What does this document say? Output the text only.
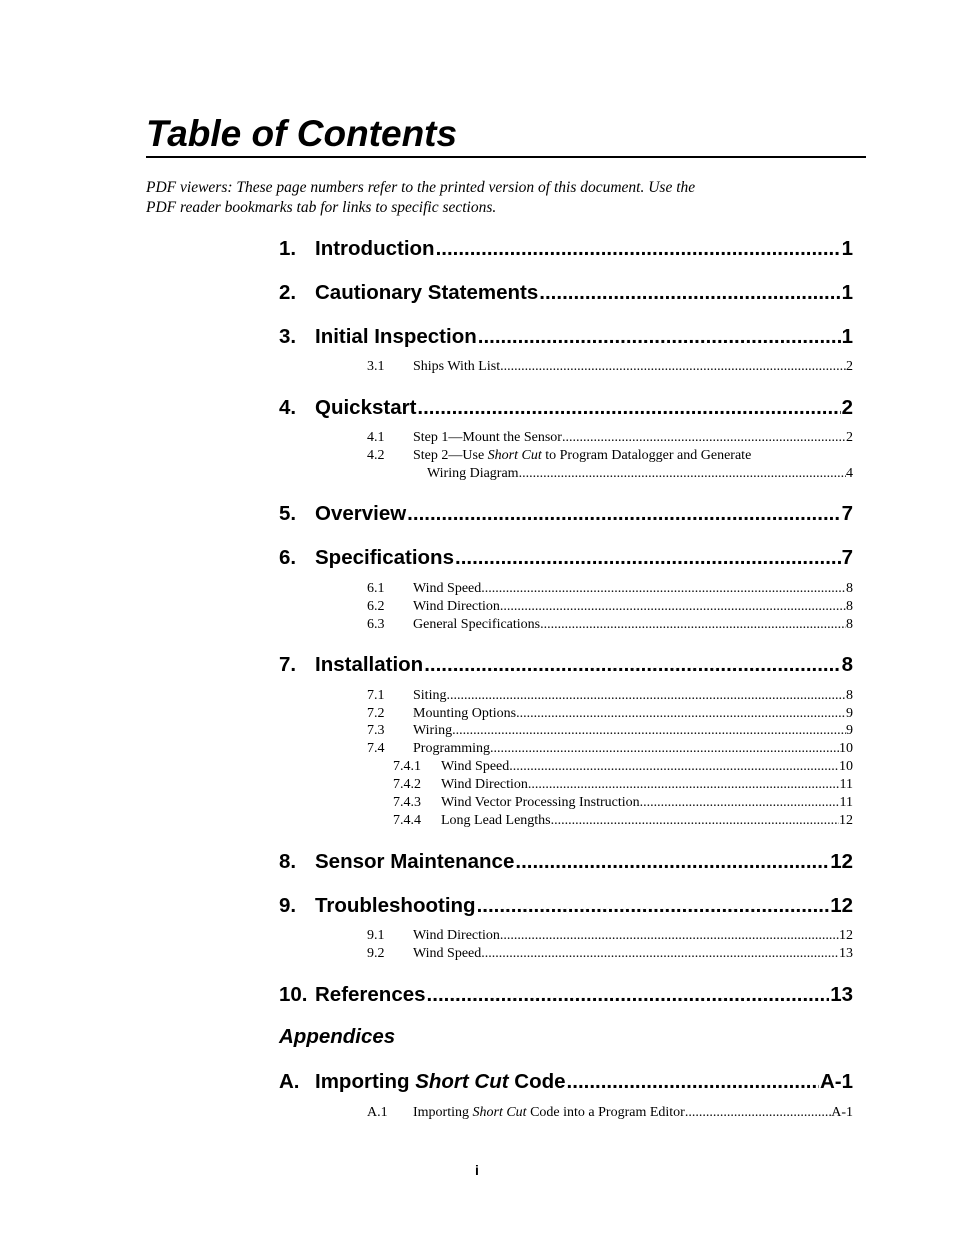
Table of Contents
PDF viewers: These page numbers refer to the printed version of this document. Use the
PDF reader bookmarks tab for links to specific sections.
1. Introduction .....	1
2. Cautionary Statements .....	1
3. Initial Inspection .....	1
3.1	Ships With List .....	2
4. Quickstart .....	2
4.1	Step 1—Mount the Sensor .....	2
4.2 Step 2—Use Short Cut to Program Datalogger and Generate
Wiring Diagram .....	4
5. Overview .....	7
6. Specifications .....	7
6.1	Wind Speed .....	8
6.2	Wind Direction .....	8
6.3	General Specifications .....	8
7. Installation .....	8
7.1	Siting .....	8
7.2	Mounting Options .....	9
7.3	Wiring .....	9
7.4	Programming .....	10
7.4.1	Wind Speed .....	10
7.4.2	Wind Direction .....	11
7.4.3	Wind Vector Processing Instruction .....	11
7.4.4	Long Lead Lengths .....	12
8. Sensor Maintenance .....	12
9. Troubleshooting .....	12
9.1	Wind Direction .....	12
9.2	Wind Speed .....	13
10. References .....	13
Appendices
A. Importing Short Cut Code .....	A-1
A.1	Importing Short Cut Code into a Program Editor .....	A-1
i
